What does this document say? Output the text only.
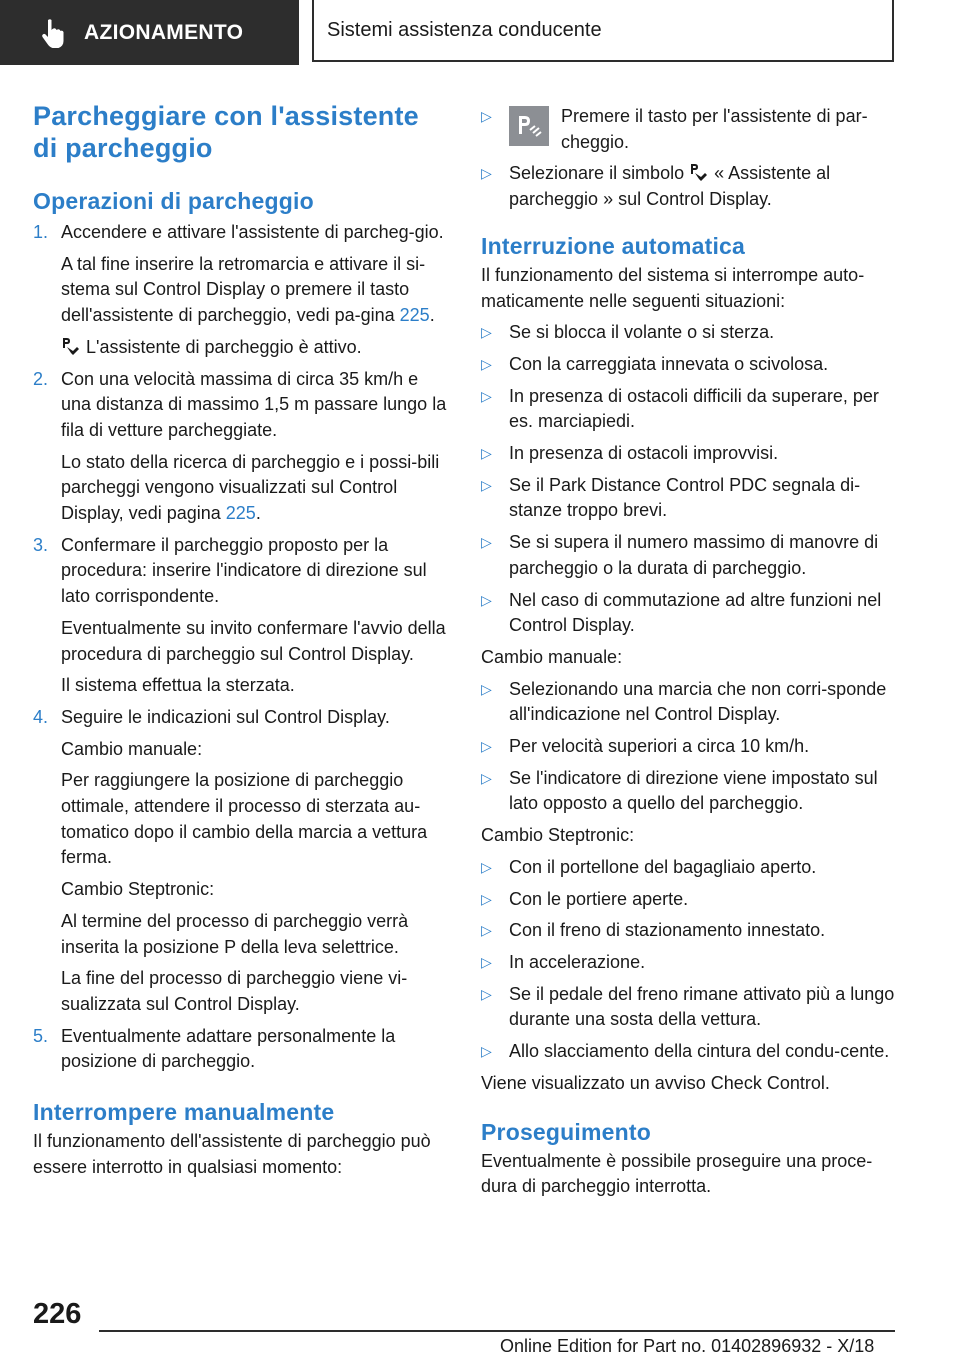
AZIONAMENTO	Sistemi assistenza conducente
Parcheggiare con l'assistente di parcheggio
Operazioni di parcheggio
1. Accendere e attivare l'assistente di parcheg-gio.

A tal fine inserire la retromarcia e attivare il si-stema sul Control Display o premere il tasto dell'assistente di parcheggio, vedi pa-gina 225.

L'assistente di parcheggio è attivo.

2. Con una velocità massima di circa 35 km/h e una distanza di massimo 1,5 m passare lungo la fila di vetture parcheggiate.

Lo stato della ricerca di parcheggio e i possi-bili parcheggi vengono visualizzati sul Control Display, vedi pagina 225.

3. Confermare il parcheggio proposto per la procedura: inserire l'indicatore di direzione sul lato corrispondente.

Eventualmente su invito confermare l'avvio della procedura di parcheggio sul Control Display.

Il sistema effettua la sterzata.

4. Seguire le indicazioni sul Control Display.

Cambio manuale:

Per raggiungere la posizione di parcheggio ottimale, attendere il processo di sterzata au-tomatico dopo il cambio della marcia a vettura ferma.

Cambio Steptronic:

Al termine del processo di parcheggio verrà inserita la posizione P della leva selettrice.

La fine del processo di parcheggio viene vi-sualizzata sul Control Display.

5. Eventualmente adattare personalmente la posizione di parcheggio.

Interrompere manualmente

Il funzionamento dell'assistente di parcheggio può essere interrotto in qualsiasi momento:

▷	Premere il tasto per l'assistente di par-cheggio.

▷ Selezionare il simbolo  « Assistente al parcheggio » sul Control Display.

Interruzione automatica

Il funzionamento del sistema si interrompe auto-maticamente nelle seguenti situazioni:

▷ Se si blocca il volante o si sterza.

▷ Con la carreggiata innevata o scivolosa.

▷ In presenza di ostacoli difficili da superare, per es. marciapiedi.

▷ In presenza di ostacoli improvvisi.

▷ Se il Park Distance Control PDC segnala di-stanze troppo brevi.

▷ Se si supera il numero massimo di manovre di parcheggio o la durata di parcheggio.

▷ Nel caso di commutazione ad altre funzioni nel Control Display.

Cambio manuale:

▷ Selezionando una marcia che non corri-sponde all'indicazione nel Control Display.

▷ Per velocità superiori a circa 10 km/h.

▷ Se l'indicatore di direzione viene impostato sul lato opposto a quello del parcheggio.

Cambio Steptronic:

▷ Con il portellone del bagagliaio aperto.

▷ Con le portiere aperte.

▷ Con il freno di stazionamento innestato.

▷ In accelerazione.

▷ Se il pedale del freno rimane attivato più a lungo durante una sosta della vettura.

▷ Allo slacciamento della cintura del condu-cente.

Viene visualizzato un avviso Check Control.

Proseguimento

Eventualmente è possibile proseguire una proce-dura di parcheggio interrotta.

226
Online Edition for Part no. 01402896932 - X/18
